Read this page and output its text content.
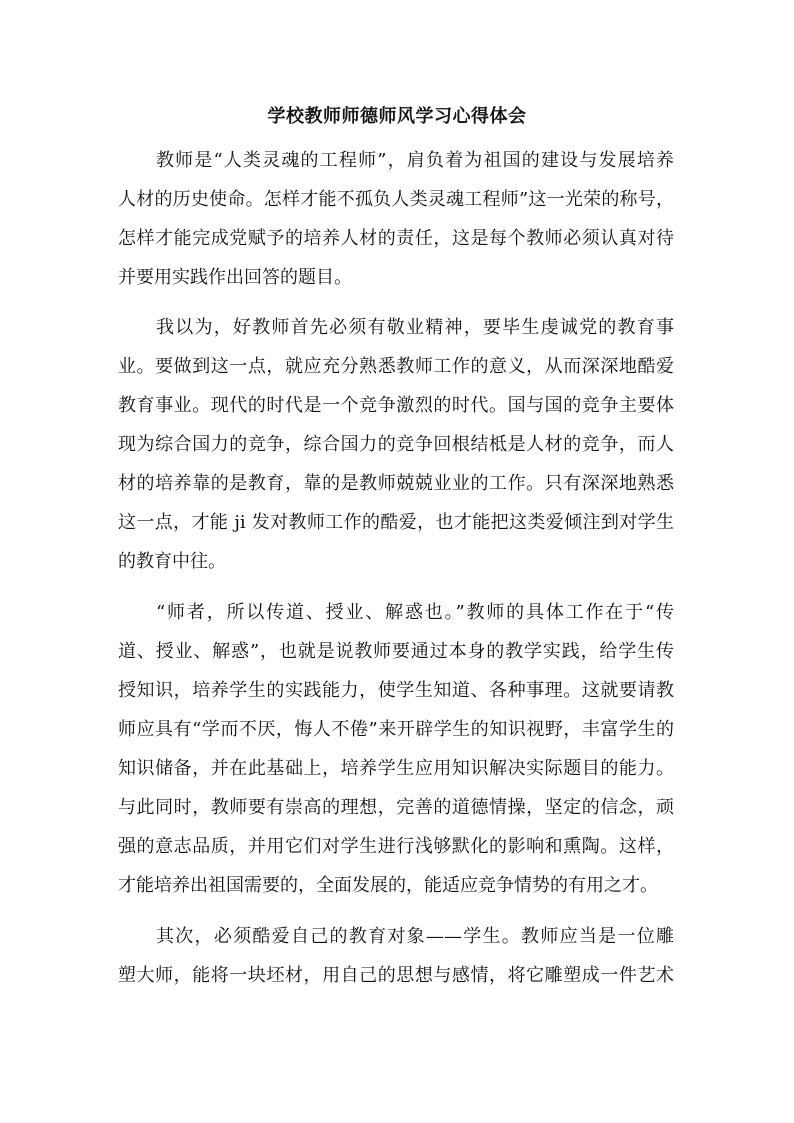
学校教师师德师风学习心得体会
教师是“人类灵魂的工程师”，肩负着为祖国的建设与发展培养
人材的历史使命。怎样才能不孤负人类灵魂工程师”这一光荣的称号，
怎样才能完成党赋予的培养人材的责任，这是每个教师必须认真对待
并要用实践作出回答的题目。
我以为，好教师首先必须有敬业精神，要毕生虔诚党的教育事
业。要做到这一点，就应充分熟悉教师工作的意义，从而深深地酷爱
教育事业。现代的时代是一个竞争激烈的时代。国与国的竞争主要体
现为综合国力的竞争，综合国力的竞争回根结柢是人材的竞争，而人
材的培养靠的是教育，靠的是教师兢兢业业的工作。只有深深地熟悉
这一点，才能 ji 发对教师工作的酷爱，也才能把这类爱倾注到对学生
的教育中往。
“师者，所以传道、授业、解惑也。”教师的具体工作在于“传
道、授业、解惑”，也就是说教师要通过本身的教学实践，给学生传
授知识，培养学生的实践能力，使学生知道、各种事理。这就要请教
师应具有“学而不厌，悔人不倦”来开辟学生的知识视野，丰富学生的
知识储备，并在此基础上，培养学生应用知识解决实际题目的能力。
与此同时，教师要有崇高的理想，完善的道德情操，坚定的信念，顽
强的意志品质，并用它们对学生进行浅够默化的影响和熏陶。这样，
才能培养出祖国需要的，全面发展的，能适应竞争情势的有用之才。
其次，必须酷爱自己的教育对象——学生。教师应当是一位雕
塑大师，能将一块坯材，用自己的思想与感情，将它雕塑成一件艺术
